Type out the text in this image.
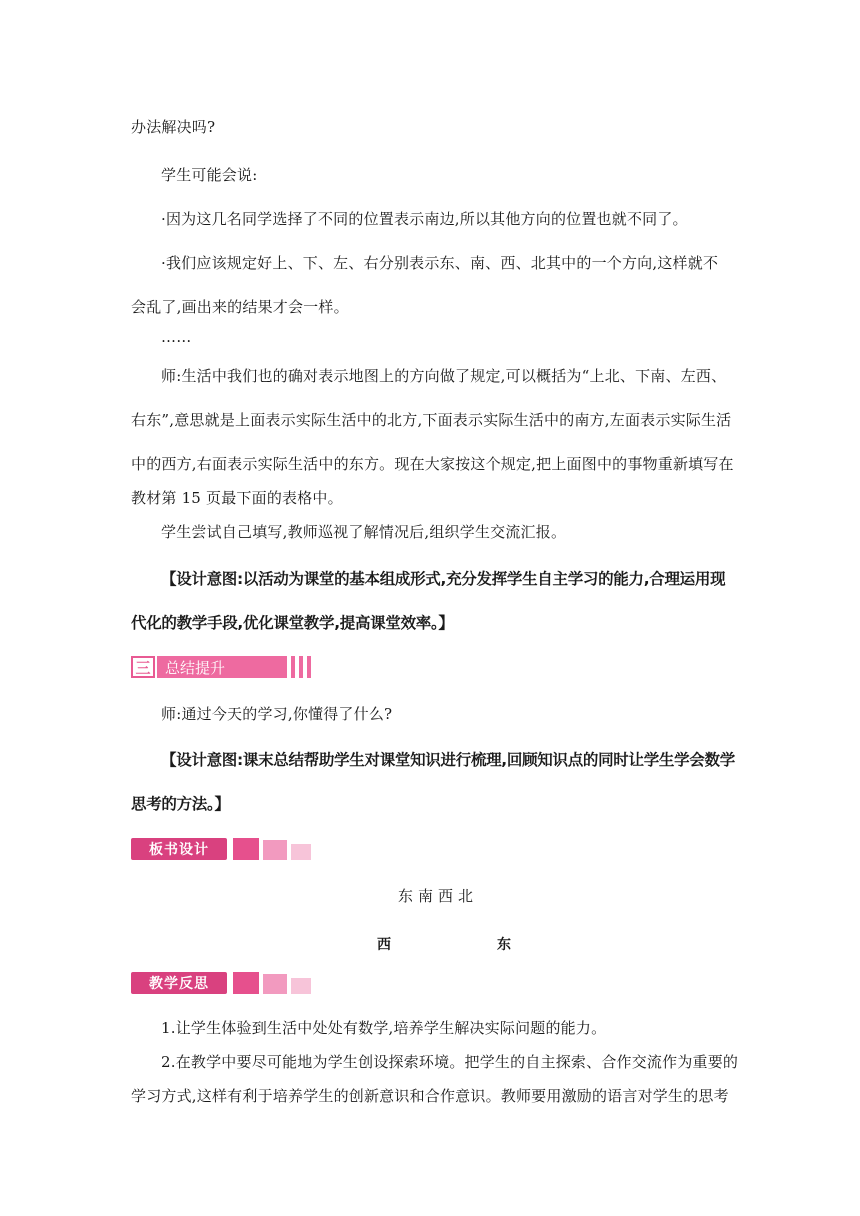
办法解决吗?
学生可能会说:
·因为这几名同学选择了不同的位置表示南边,所以其他方向的位置也就不同了。
·我们应该规定好上、下、左、右分别表示东、南、西、北其中的一个方向,这样就不
会乱了,画出来的结果才会一样。
……
师:生活中我们也的确对表示地图上的方向做了规定,可以概括为“上北、下南、左西、
右东”,意思就是上面表示实际生活中的北方,下面表示实际生活中的南方,左面表示实际生活
中的西方,右面表示实际生活中的东方。现在大家按这个规定,把上面图中的事物重新填写在
教材第 15 页最下面的表格中。
学生尝试自己填写,教师巡视了解情况后,组织学生交流汇报。
【设计意图:以活动为课堂的基本组成形式,充分发挥学生自主学习的能力,合理运用现
代化的教学手段,优化课堂教学,提高课堂效率。】
三 总结提升
师:通过今天的学习,你懂得了什么?
【设计意图:课末总结帮助学生对课堂知识进行梳理,回顾知识点的同时让学生学会数学
思考的方法。】
板书设计
东南西北
西	东
教学反思
1.让学生体验到生活中处处有数学,培养学生解决实际问题的能力。
2.在教学中要尽可能地为学生创设探索环境。把学生的自主探索、合作交流作为重要的
学习方式,这样有利于培养学生的创新意识和合作意识。教师要用激励的语言对学生的思考
